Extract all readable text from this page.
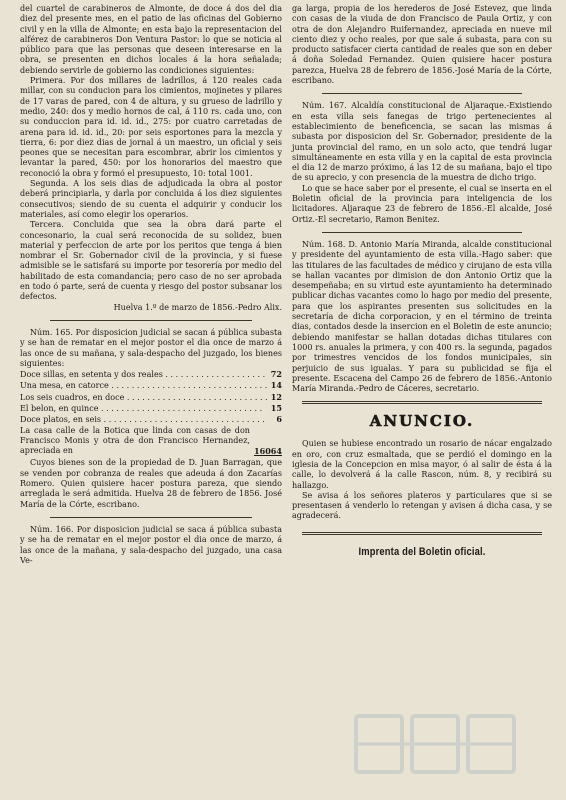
del cuartel de carabineros de Almonte, de doce á dos del dia diez del presente mes, en el patio de las oficinas del Gobierno civil y en la villa de Almonte; en esta bajo la representacion del alférez de carabineros Don Ventura Pastor: lo que se noticia al público para que las personas que deseen interesarse en la obra, se presenten en dichos locales á la hora señalada; debiendo servirle de gobierno las condiciones siguientes:

Primera. Por dos millares de ladrillos, á 120 reales cada millar, con su conducion para los cimientos, mojinetes y pilares de 17 varas de pared, con 4 de altura, y su grueso de ladrillo y medio, 240: dos y medio hornos de cal, á 110 rs. cada uno, con su conduccion para id. id. id., 275: por cuatro carretadas de arena para id. id. id., 20: por seis esportones para la mezcla y tierra, 6: por diez dias de jornal á un maestro, un oficial y seis peones que se necesitan para escombrar, abrir los cimientos y levantar la pared, 450: por los honorarios del maestro que reconoció la obra y formó el presupuesto, 10: total 1001.

Segunda. A los seis dias de adjudicada la obra al postor deberá principiarla, y darla por concluida á los diez siguientes consecutivos; siendo de su cuenta el adquirir y conducir los materiales, así como elegir los operarios.

Tercera. Concluida que sea la obra dará parte el concesonario, la cual será reconocida de su solidez, buen material y perfeccion de arte por los peritos que tenga á bien nombrar el Sr. Gobernador civil de la provincia, y si fuese admisible se le satisfará su importe por tesorería por medio del habilitado de esta comandancia; pero caso de no ser aprobada en todo ó parte, será de cuenta y riesgo del postor subsanar los defectos.

Huelva 1.º de marzo de 1856.-Pedro Alix.

Núm. 165. Por disposicion judicial se sacan á pública subasta y se han de rematar en el mejor postor el dia once de marzo á las once de su mañana, y sala-despacho del juzgado, los bienes siguientes:

Doce sillas, en setenta y dos reales . . .	72
Una mesa, en catorce . . .	14
Los seis cuadros, en doce . . .	12
El belon, en quince . . .	15
Doce platos, en seis . . .	6
La casa calle de la Botica que linda con casas de don Francisco Monis y otra de don Francisco Hernandez, apreciada en	16064

Cuyos bienes son de la propiedad de D. Juan Barragan, que se venden por cobranza de reales que adeuda á don Zacarías Romero. Quien quisiere hacer postura pareza, que siendo arreglada le será admitida. Huelva 28 de febrero de 1856. José María de la Córte, escribano.

Núm. 166. Por disposicion judicial se saca á pública subasta y se ha de rematar en el mejor postor el dia once de marzo, á las once de la mañana, y sala-despacho del juzgado, una casa Ve-

ga larga, propia de los herederos de José Estevez, que linda con casas de la viuda de don Francisco de Paula Ortiz, y con otra de don Alejandro Ruifernandez, apreciada en nueve mil ciento diez y ocho reales, por que sale á subasta, para con su producto satisfacer cierta cantidad de reales que son en deber á doña Soledad Fernandez. Quien quisiere hacer postura parezca, Huelva 28 de febrero de 1856.-José María de la Córte, escribano.

Núm. 167. Alcaldía constitucional de Aljaraque.-Existiendo en esta villa seis fanegas de trigo pertenecientes al establecimiento de beneficencia, se sacan las mismas á subasta por disposicion del Sr. Gobernador, presidente de la junta provincial del ramo, en un solo acto, que tendrá lugar simultáneamente en esta villa y en la capital de esta provincia el dia 12 de marzo próximo, á las 12 de su mañana, bajo el tipo de su aprecio, y con presencia de la muestra de dicho trigo.

Lo que se hace saber por el presente, el cual se inserta en el Boletin oficial de la provincia para inteligencia de los licitadores. Aljaraque 23 de febrero de 1856.-El alcalde, José Ortiz.-El secretario, Ramon Benitez.

Núm. 168. D. Antonio María Miranda, alcalde constitucional y presidente del ayuntamiento de esta villa.-Hago saber: que las titulares de las facultades de médico y cirujano de esta villa se hallan vacantes por dimision de don Antonio Ortiz que la desempeñaba; en su virtud este ayuntamiento ha determinado publicar dichas vacantes como lo hago por medio del presente, para que los aspirantes presenten sus solicitudes en la secretaría de dicha corporacion, y en el término de treinta dias, contados desde la insercion en el Boletin de este anuncio; debiendo manifestar se hallan dotadas dichas titulares con 1000 rs. anuales la primera, y con 400 rs. la segunda, pagados por trimestres vencidos de los fondos municipales, sin perjuicio de sus igualas. Y para su publicidad se fija el presente. Escacena del Campo 26 de febrero de 1856.-Antonio María Miranda.-Pedro de Cáceres, secretario.

ANUNCIO.

Quien se hubiese encontrado un rosario de nácar engalzado en oro, con cruz esmaltada, que se perdió el domingo en la iglesia de la Concepcion en misa mayor, ó al salir de ésta á la calle, lo devolverá á la calle Rascon, núm. 8, y recibirá su hallazgo.

Se avisa á los señores plateros y particulares que si se presentasen á venderlo lo retengan y avisen á dicha casa, y se agradecerá.

Imprenta del Boletin oficial.
